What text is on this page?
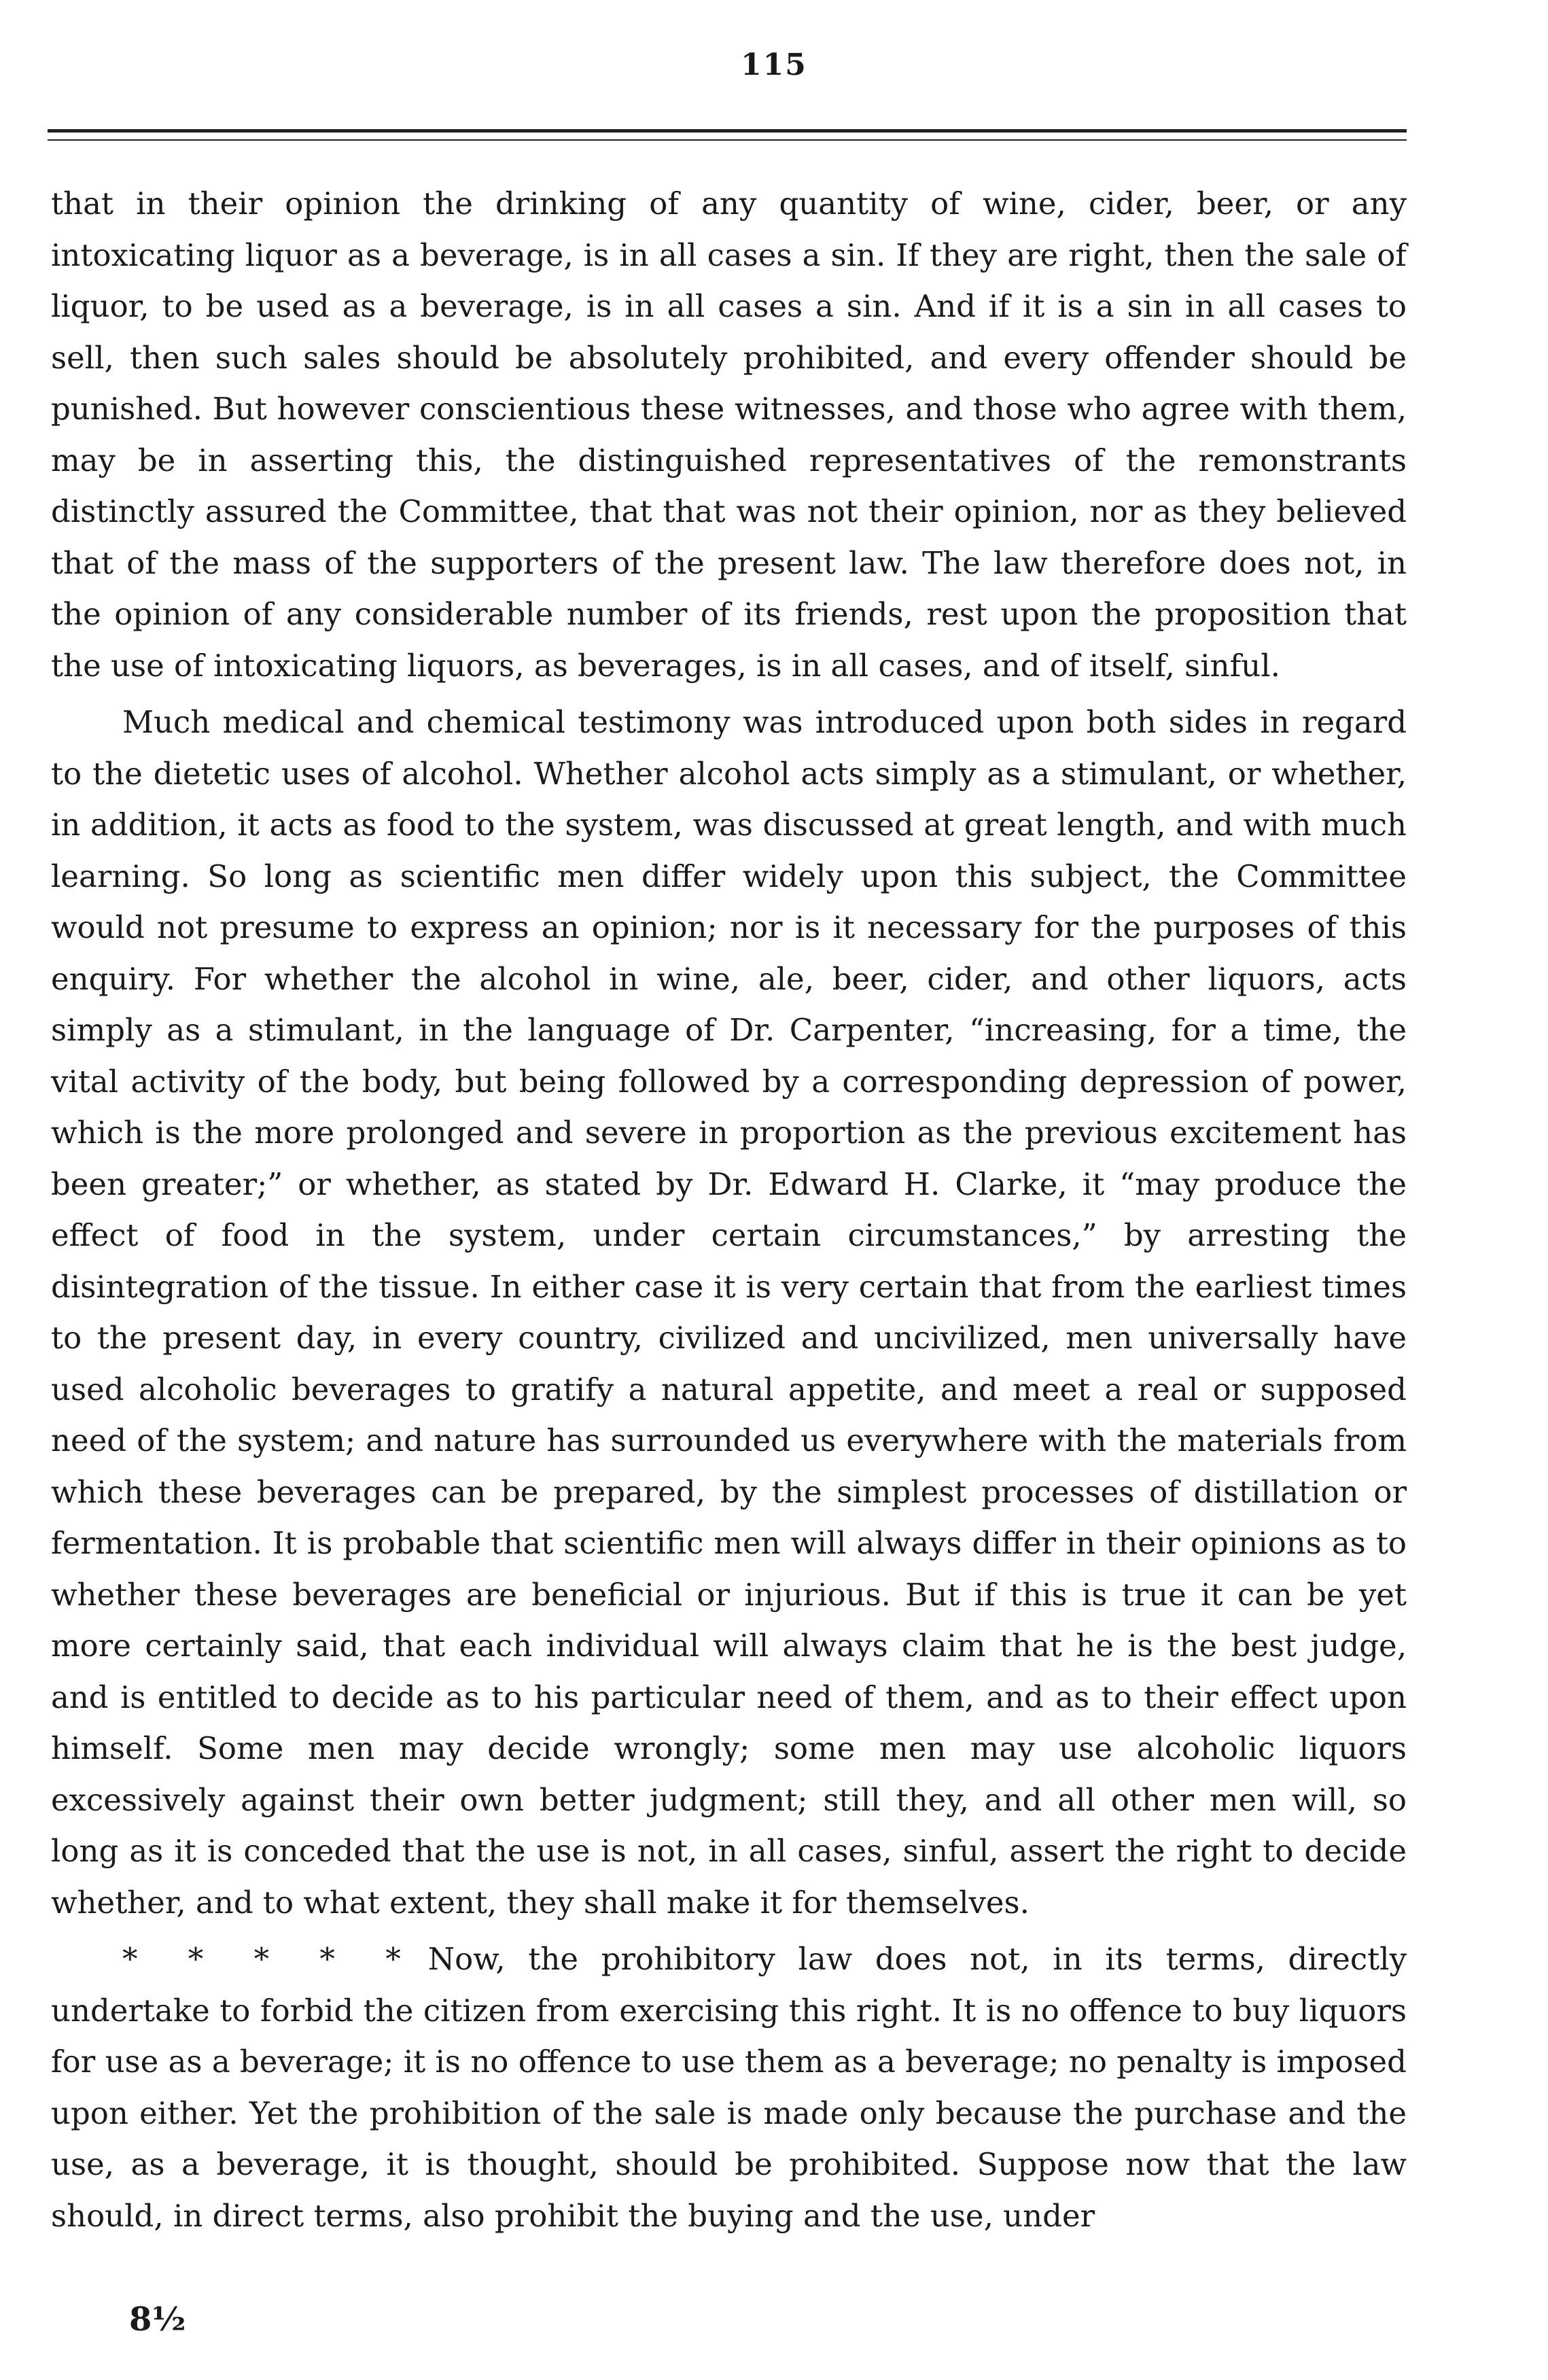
115

that in their opinion the drinking of any quantity of wine, cider, beer, or any intoxicating liquor as a beverage, is in all cases a sin. If they are right, then the sale of liquor, to be used as a beverage, is in all cases a sin. And if it is a sin in all cases to sell, then such sales should be absolutely prohibited, and every offender should be punished. But however conscientious these witnesses, and those who agree with them, may be in asserting this, the distinguished representatives of the remonstrants distinctly assured the Committee, that that was not their opinion, nor as they believed that of the mass of the supporters of the present law. The law therefore does not, in the opinion of any considerable number of its friends, rest upon the proposition that the use of intoxicating liquors, as beverages, is in all cases, and of itself, sinful.

Much medical and chemical testimony was introduced upon both sides in regard to the dietetic uses of alcohol. Whether alcohol acts simply as a stimulant, or whether, in addition, it acts as food to the system, was discussed at great length, and with much learning. So long as scientific men differ widely upon this subject, the Committee would not presume to express an opinion; nor is it necessary for the purposes of this enquiry. For whether the alcohol in wine, ale, beer, cider, and other liquors, acts simply as a stimulant, in the language of Dr. Carpenter, “increasing, for a time, the vital activity of the body, but being followed by a corresponding depression of power, which is the more prolonged and severe in proportion as the previous excitement has been greater;” or whether, as stated by Dr. Edward H. Clarke, it “may produce the effect of food in the system, under certain circumstances,” by arresting the disintegration of the tissue. In either case it is very certain that from the earliest times to the present day, in every country, civilized and uncivilized, men universally have used alcoholic beverages to gratify a natural appetite, and meet a real or supposed need of the system; and nature has surrounded us everywhere with the materials from which these beverages can be prepared, by the simplest processes of distillation or fermentation. It is probable that scientific men will always differ in their opinions as to whether these beverages are beneficial or injurious. But if this is true it can be yet more certainly said, that each individual will always claim that he is the best judge, and is entitled to decide as to his particular need of them, and as to their effect upon himself. Some men may decide wrongly; some men may use alcoholic liquors excessively against their own better judgment; still they, and all other men will, so long as it is conceded that the use is not, in all cases, sinful, assert the right to decide whether, and to what extent, they shall make it for themselves.

* * * * * Now, the prohibitory law does not, in its terms, directly undertake to forbid the citizen from exercising this right. It is no offence to buy liquors for use as a beverage; it is no offence to use them as a beverage; no penalty is imposed upon either. Yet the prohibition of the sale is made only because the purchase and the use, as a beverage, it is thought, should be prohibited. Suppose now that the law should, in direct terms, also prohibit the buying and the use, under

8½
